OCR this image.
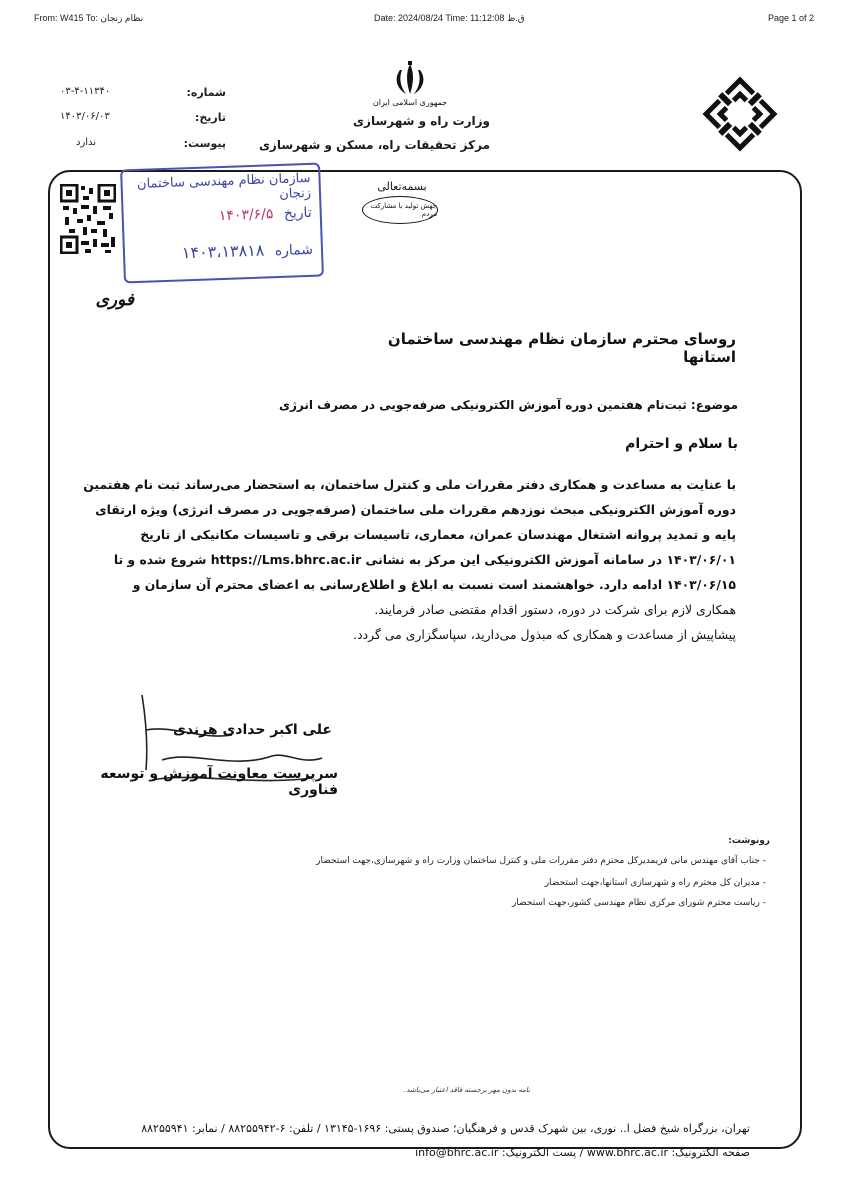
From: W415 To: نظام زنجان	Date: 2024/08/24 Time: 11:12:08 ق.ظ	Page 1 of 2
شماره:
۰۳-۴-۱۱۳۴۰
تاریخ:
۱۴۰۳/۰۶/۰۳
پیوست:
ندارد
جمهوری اسلامی ایران
وزارت راه و شهرسازی
مرکز تحقیقات راه، مسکن و شهرسازی
بسمه‌تعالی
جهش تولید با مشارکت مردم
سازمان نظام مهندسی ساختمان زنجان
تاریخ ۱۴۰۳/۶/۵
شماره ۱۴۰۳،۱۳۸۱۸
فوری
روسای محترم سازمان نظام مهندسی ساختمان استانها
موضوع: ثبت‌نام هفتمین دوره آموزش الکترونیکی صرفه‌جویی در مصرف انرژی
با سلام و احترام
با عنایت به مساعدت و همکاری دفتر مقررات ملی و کنترل ساختمان، به استحضار می‌رساند ثبت نام هفتمین
دوره آموزش الکترونیکی مبحث نوزدهم مقررات ملی ساختمان (صرفه‌جویی در مصرف انرژی) ویژه ارتقای
پایه و تمدید پروانه اشتغال مهندسان عمران، معماری، تاسیسات برقی و تاسیسات مکانیکی از تاریخ
۱۴۰۳/۰۶/۰۱ در سامانه آموزش الکترونیکی این مرکز به نشانی https://Lms.bhrc.ac.ir شروع شده و تا
۱۴۰۳/۰۶/۱۵ ادامه دارد. خواهشمند است نسبت به ابلاغ و اطلاع‌رسانی به اعضای محترم آن سازمان و
همکاری لازم برای شرکت در دوره، دستور اقدام مقتضی صادر فرمایند.
پیشاپیش از مساعدت و همکاری که مبذول می‌دارید، سپاسگزاری می گردد.
علی اکبر حدادی هرندی
سرپرست معاونت آموزش و توسعه فناوری
رونوشت:
- جناب آقای مهندس مانی فریمدیرکل محترم دفتر مقررات ملی و کنترل ساختمان وزارت راه و شهرسازی،جهت استحضار
- مدیران کل محترم راه و شهرسازی استانها،جهت استحضار
- ریاست محترم شورای مرکزی نظام مهندسی کشور،جهت استحضار
نامه بدون مهر برجسته فاقد اعتبار می‌باشد.
تهران، بزرگراه شیخ فضل ا.. نوری، بین شهرک قدس و فرهنگیان؛ صندوق پستی: ۱۶۹۶-۱۳۱۴۵ / تلفن: ۶-۸۸۲۵۵۹۴۲ / نمابر: ۸۸۲۵۵۹۴۱
صفحه الکترونیک: www.bhrc.ac.ir / پست الکترونیک: info@bhrc.ac.ir
